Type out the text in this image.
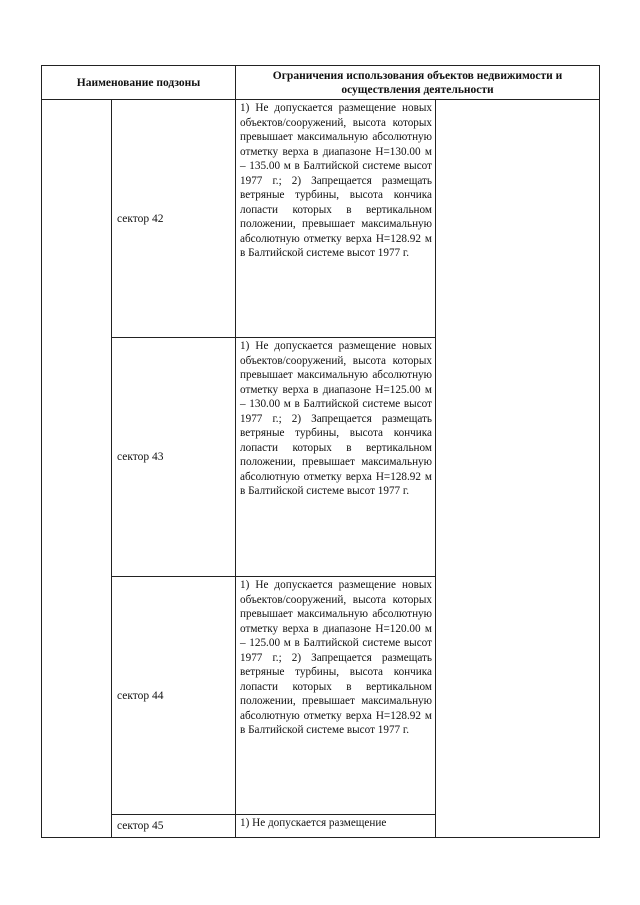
Наименование подзоны		Ограничения использования объектов недвижимости и осуществления деятельности	
	сектор 42	1) Не допускается размещение новых объектов/сооружений, высота которых превышает максимальную абсолютную отметку верха в диапазоне Н=130.00 м – 135.00 м в Балтийской системе высот 1977 г.; 2) Запрещается размещать ветряные турбины, высота кончика лопасти которых в вертикальном положении, превышает максимальную абсолютную отметку верха Н=128.92 м в Балтийской системе высот 1977 г.	

	сектор 43	1) Не допускается размещение новых объектов/сооружений, высота которых превышает максимальную абсолютную отметку верха в диапазоне Н=125.00 м – 130.00 м в Балтийской системе высот 1977 г.; 2) Запрещается размещать ветряные турбины, высота кончика лопасти которых в вертикальном положении, превышает максимальную абсолютную отметку верха Н=128.92 м в Балтийской системе высот 1977 г.	

	сектор 44	1) Не допускается размещение новых объектов/сооружений, высота которых превышает максимальную абсолютную отметку верха в диапазоне Н=120.00 м – 125.00 м в Балтийской системе высот 1977 г.; 2) Запрещается размещать ветряные турбины, высота кончика лопасти которых в вертикальном положении, превышает максимальную абсолютную отметку верха Н=128.92 м в Балтийской системе высот 1977 г.	

	сектор 45	1) Не допускается размещение	
